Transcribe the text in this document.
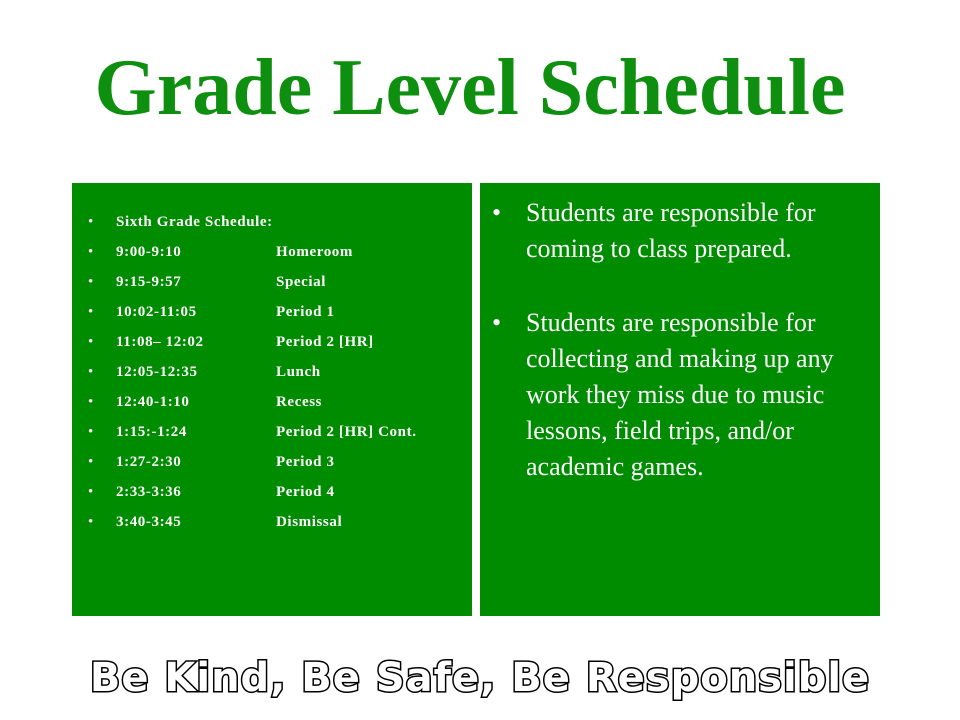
Grade Level Schedule
• Sixth Grade Schedule:
• 9:00-9:10	Homeroom
• 9:15-9:57	Special
• 10:02-11:05	Period 1
• 11:08– 12:02	Period 2 [HR]
• 12:05-12:35	Lunch
• 12:40-1:10	Recess
• 1:15:-1:24	Period 2 [HR] Cont.
• 1:27-2:30	Period 3
• 2:33-3:36	Period 4
• 3:40-3:45	Dismissal
• Students are responsible for coming to class prepared.
• Students are responsible for collecting and making up any work they miss due to music lessons, field trips, and/or academic games.
Be Kind, Be Safe, Be Responsible
